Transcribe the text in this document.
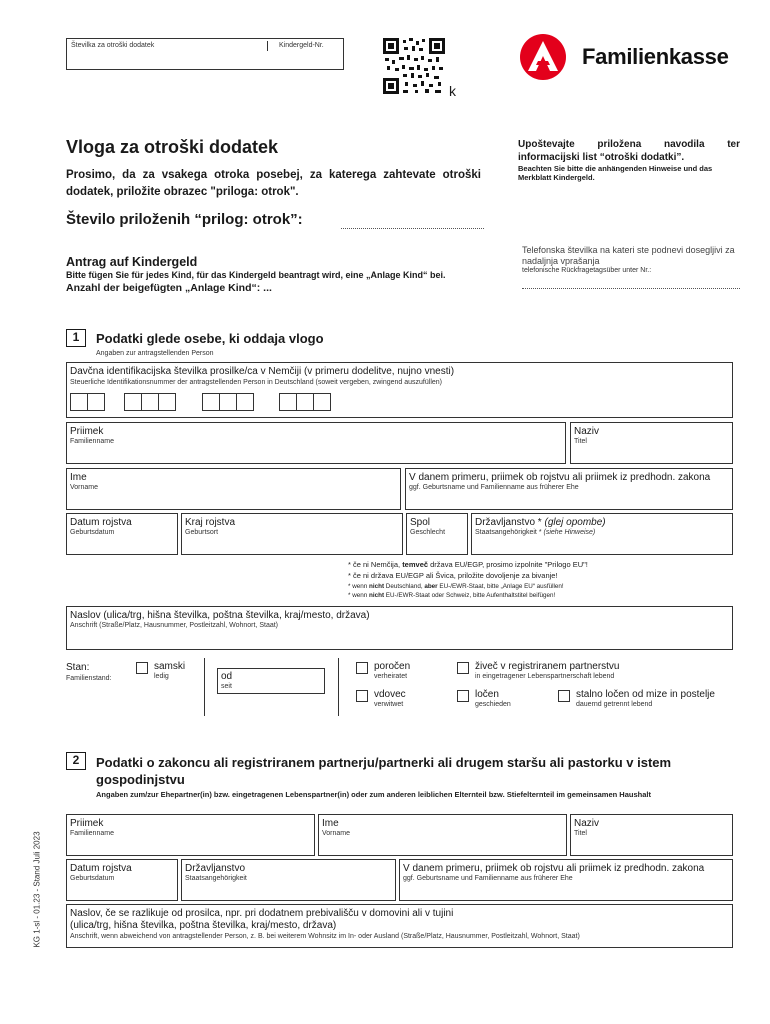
Številka za otroški dodatek	Kindergeld-Nr.
k
Familienkasse
Vloga za otroški dodatek
Prosimo, da za vsakega otroka posebej, za katerega zahtevate otroški dodatek, priložite obrazec "priloga: otrok".
Število priloženih “prilog: otrok”:
Antrag auf Kindergeld
Bitte fügen Sie für jedes Kind, für das Kindergeld beantragt wird, eine „Anlage Kind“ bei.
Anzahl der beigefügten „Anlage Kind“: ...
Upoštevajte priložena navodila ter informacijski list “otroški dodatki”.
Beachten Sie bitte die anhängenden Hinweise und das Merkblatt Kindergeld.
Telefonska številka na kateri ste podnevi dosegljivi za nadaljnja vprašanja
telefonische Rückfragetagsüber unter Nr.:
1	Podatki glede osebe, ki oddaja vlogo
Angaben zur antragstellenden Person
Davčna identifikacijska številka prosilke/ca v Nemčiji (v primeru dodelitve, nujno vnesti)
Steuerliche Identifikationsnummer der antragstellenden Person in Deutschland (soweit vergeben, zwingend auszufüllen)
Priimek
Familienname
Naziv
Titel
Ime
Vorname
V danem primeru, priimek ob rojstvu ali priimek iz predhodn. zakona
ggf. Geburtsname und Familienname aus früherer Ehe
Datum rojstva
Geburtsdatum
Kraj rojstva
Geburtsort
Spol
Geschlecht
Državljanstvo * (glej opombe)
Staatsangehörigkeit * (siehe Hinweise)
* če ni Nemčija, temveč država EU/EGP, prosimo izpolnite "Prilogo EU"!
* če ni država EU/EGP ali Švica, priložite dovoljenje za bivanje!
* wenn nicht Deutschland, aber EU-/EWR-Staat, bitte „Anlage EU“ ausfüllen!
* wenn nicht EU-/EWR-Staat oder Schweiz, bitte Aufenthaltstitel beifügen!
Naslov (ulica/trg, hišna številka, poštna številka, kraj/mesto, država)
Anschrift (Straße/Platz, Hausnummer, Postleitzahl, Wohnort, Staat)
Stan:
Familienstand:
samski
ledig	od
seit
poročen
verheiratet
živeč v registriranem partnerstvu
in eingetragener Lebenspartnerschaft lebend
vdovec
verwitwet
ločen
geschieden
stalno ločen od mize in postelje
dauernd getrennt lebend
2	Podatki o zakoncu ali registriranem partnerju/partnerki ali drugem staršu ali pastorku v istem gospodinjstvu
Angaben zum/zur Ehepartner(in) bzw. eingetragenen Lebenspartner(in) oder zum anderen leiblichen Elternteil bzw. Stiefelternteil im gemeinsamen Haushalt
Priimek
Familienname
Ime
Vorname
Naziv
Titel
Datum rojstva
Geburtsdatum
Državljanstvo
Staatsangehörigkeit
V danem primeru, priimek ob rojstvu ali priimek iz predhodn. zakona
ggf. Geburtsname und Familienname aus früherer Ehe
Naslov, če se razlikuje od prosilca, npr. pri dodatnem prebivališču v domovini ali v tujini
(ulica/trg, hišna številka, poštna številka, kraj/mesto, država)
Anschrift, wenn abweichend von antragstellender Person, z. B. bei weiterem Wohnsitz im In- oder Ausland (Straße/Platz, Hausnummer, Postleitzahl, Wohnort, Staat)
KG 1-sl - 01.23 - Stand Juli 2023
